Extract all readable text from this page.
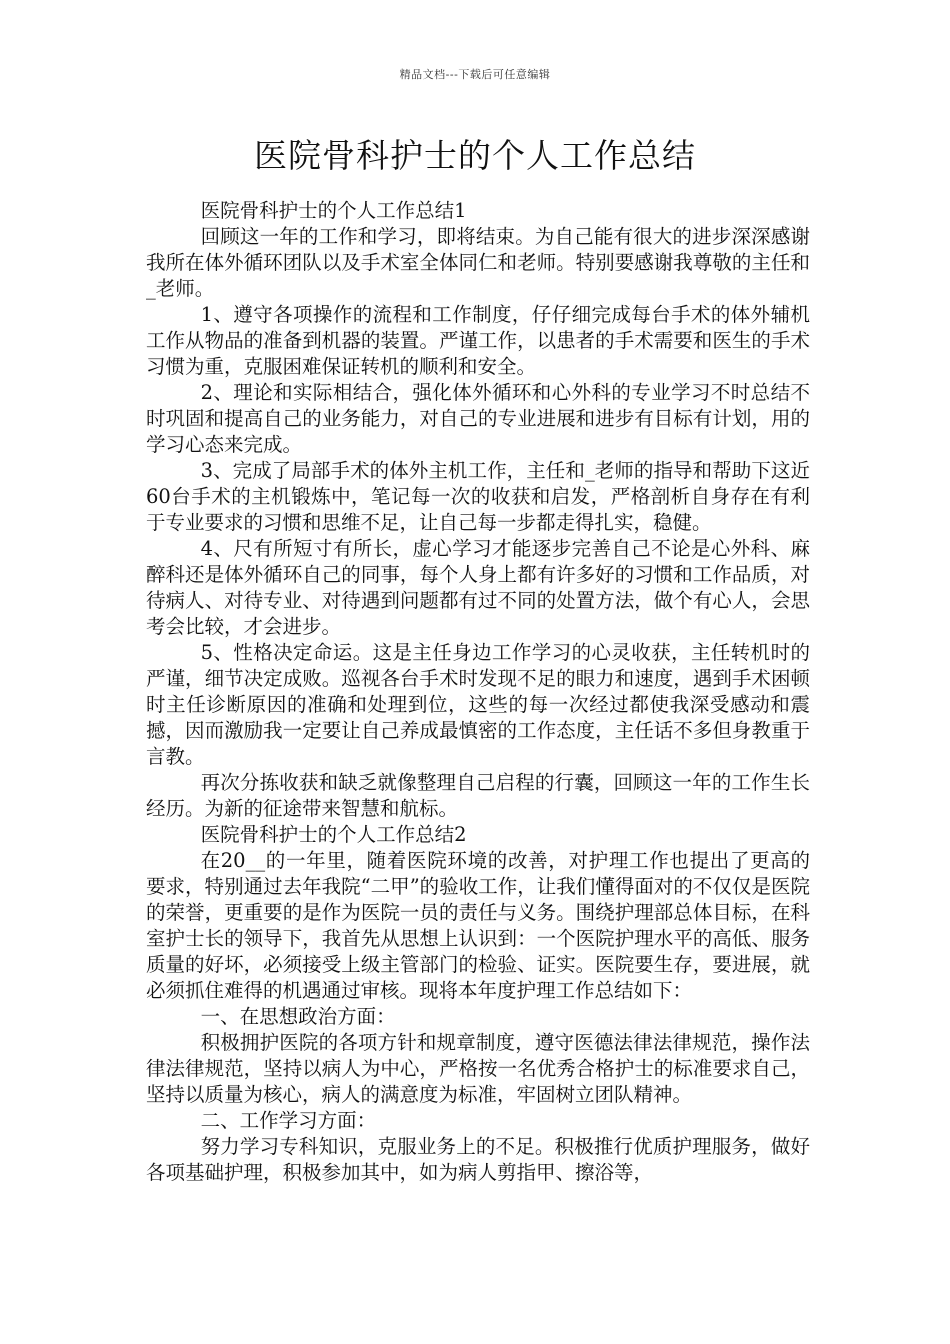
精品文档---下载后可任意编辑
医院骨科护士的个人工作总结

医院骨科护士的个人工作总结1

回顾这一年的工作和学习，即将结束。为自己能有很大的进步深深感谢我所在体外循环团队以及手术室全体同仁和老师。特别要感谢我尊敬的主任和_老师。

1、遵守各项操作的流程和工作制度，仔仔细完成每台手术的体外辅机工作从物品的准备到机器的装置。严谨工作，以患者的手术需要和医生的手术习惯为重，克服困难保证转机的顺利和安全。

2、理论和实际相结合，强化体外循环和心外科的专业学习不时总结不时巩固和提高自己的业务能力，对自己的专业进展和进步有目标有计划，用的学习心态来完成。

3、完成了局部手术的体外主机工作，主任和_老师的指导和帮助下这近60台手术的主机锻炼中，笔记每一次的收获和启发，严格剖析自身存在有利于专业要求的习惯和思维不足，让自己每一步都走得扎实，稳健。

4、尺有所短寸有所长，虚心学习才能逐步完善自己不论是心外科、麻醉科还是体外循环自己的同事，每个人身上都有许多好的习惯和工作品质，对待病人、对待专业、对待遇到问题都有过不同的处置方法，做个有心人，会思考会比较，才会进步。

5、性格决定命运。这是主任身边工作学习的心灵收获，主任转机时的严谨，细节决定成败。巡视各台手术时发现不足的眼力和速度，遇到手术困顿时主任诊断原因的准确和处理到位，这些的每一次经过都使我深受感动和震撼，因而激励我一定要让自己养成最慎密的工作态度，主任话不多但身教重于言教。

再次分拣收获和缺乏就像整理自己启程的行囊，回顾这一年的工作生长经历。为新的征途带来智慧和航标。

医院骨科护士的个人工作总结2

在20__的一年里，随着医院环境的改善，对护理工作也提出了更高的要求，特别通过去年我院“二甲”的验收工作，让我们懂得面对的不仅仅是医院的荣誉，更重要的是作为医院一员的责任与义务。围绕护理部总体目标，在科室护士长的领导下，我首先从思想上认识到：一个医院护理水平的高低、服务质量的好坏，必须接受上级主管部门的检验、证实。医院要生存，要进展，就必须抓住难得的机遇通过审核。现将本年度护理工作总结如下：

一、在思想政治方面：

积极拥护医院的各项方针和规章制度，遵守医德法律法律规范，操作法律法律规范，坚持以病人为中心，严格按一名优秀合格护士的标准要求自己，坚持以质量为核心，病人的满意度为标准，牢固树立团队精神。

二、工作学习方面：

努力学习专科知识，克服业务上的不足。积极推行优质护理服务，做好各项基础护理，积极参加其中，如为病人剪指甲、擦浴等，
